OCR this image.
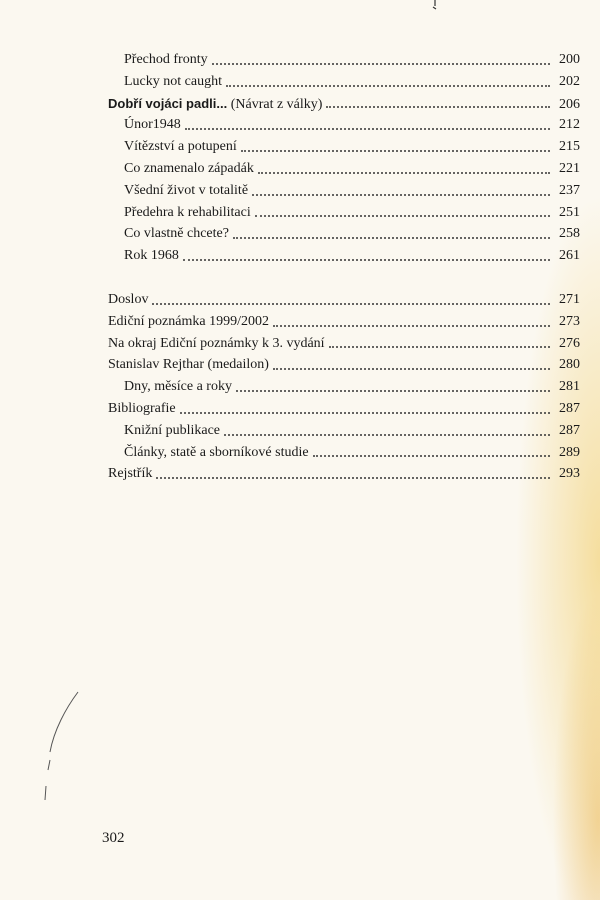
Přechod fronty	200
Lucky not caught	202
Dobří vojáci padli... (Návrat z války)	206
Únor1948	212
Vítězství a potupení	215
Co znamenalo západák	221
Všední život v totalitě	237
Předehra k rehabilitaci	251
Co vlastně chcete?	258
Rok 1968	261
Doslov	271
Ediční poznámka 1999/2002	273
Na okraj Ediční poznámky k 3. vydání	276
Stanislav Rejthar (medailon)	280
Dny, měsíce a roky	281
Bibliografie	287
Knižní publikace	287
Články, statě a sborníkové studie	289
Rejstřík	293
302
